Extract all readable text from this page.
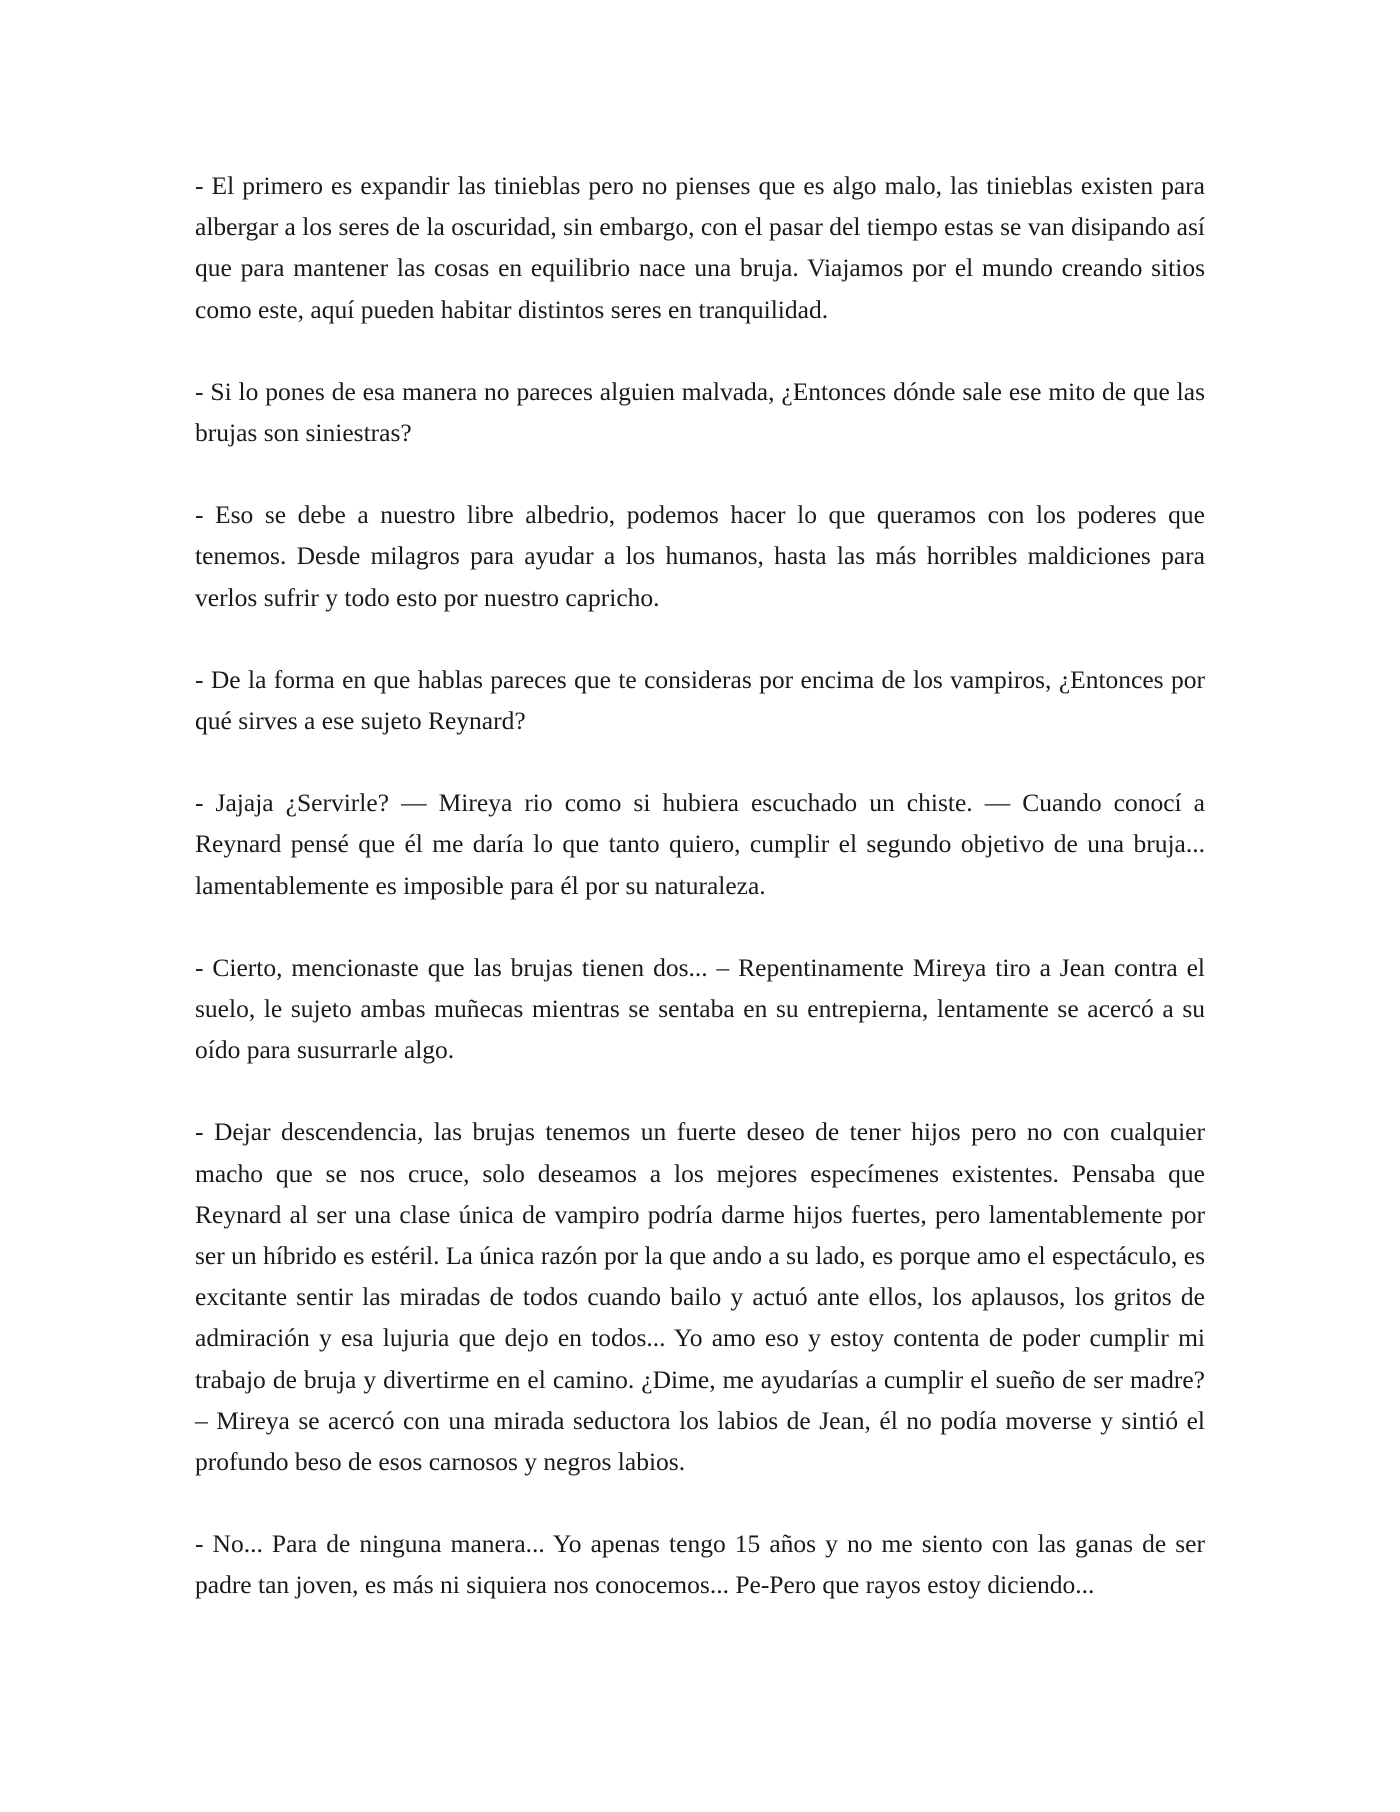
- El primero es expandir las tinieblas pero no pienses que es algo malo, las tinieblas existen para albergar a los seres de la oscuridad, sin embargo, con el pasar del tiempo estas se van disipando así que para mantener las cosas en equilibrio nace una bruja. Viajamos por el mundo creando sitios como este, aquí pueden habitar distintos seres en tranquilidad.

- Si lo pones de esa manera no pareces alguien malvada, ¿Entonces dónde sale ese mito de que las brujas son siniestras?

- Eso se debe a nuestro libre albedrio, podemos hacer lo que queramos con los poderes que tenemos. Desde milagros para ayudar a los humanos, hasta las más horribles maldiciones para verlos sufrir y todo esto por nuestro capricho.

- De la forma en que hablas pareces que te consideras por encima de los vampiros, ¿Entonces por qué sirves a ese sujeto Reynard?

- Jajaja ¿Servirle? — Mireya rio como si hubiera escuchado un chiste. — Cuando conocí a Reynard pensé que él me daría lo que tanto quiero, cumplir el segundo objetivo de una bruja... lamentablemente es imposible para él por su naturaleza.

- Cierto, mencionaste que las brujas tienen dos... – Repentinamente Mireya tiro a Jean contra el suelo, le sujeto ambas muñecas mientras se sentaba en su entrepierna, lentamente se acercó a su oído para susurrarle algo.

- Dejar descendencia, las brujas tenemos un fuerte deseo de tener hijos pero no con cualquier macho que se nos cruce, solo deseamos a los mejores especímenes existentes. Pensaba que Reynard al ser una clase única de vampiro podría darme hijos fuertes, pero lamentablemente por ser un híbrido es estéril. La única razón por la que ando a su lado, es porque amo el espectáculo, es excitante sentir las miradas de todos cuando bailo y actuó ante ellos, los aplausos, los gritos de admiración y esa lujuria que dejo en todos... Yo amo eso y estoy contenta de poder cumplir mi trabajo de bruja y divertirme en el camino. ¿Dime, me ayudarías a cumplir el sueño de ser madre? – Mireya se acercó con una mirada seductora los labios de Jean, él no podía moverse y sintió el profundo beso de esos carnosos y negros labios.

- No... Para de ninguna manera... Yo apenas tengo 15 años y no me siento con las ganas de ser padre tan joven, es más ni siquiera nos conocemos... Pe-Pero que rayos estoy diciendo...
